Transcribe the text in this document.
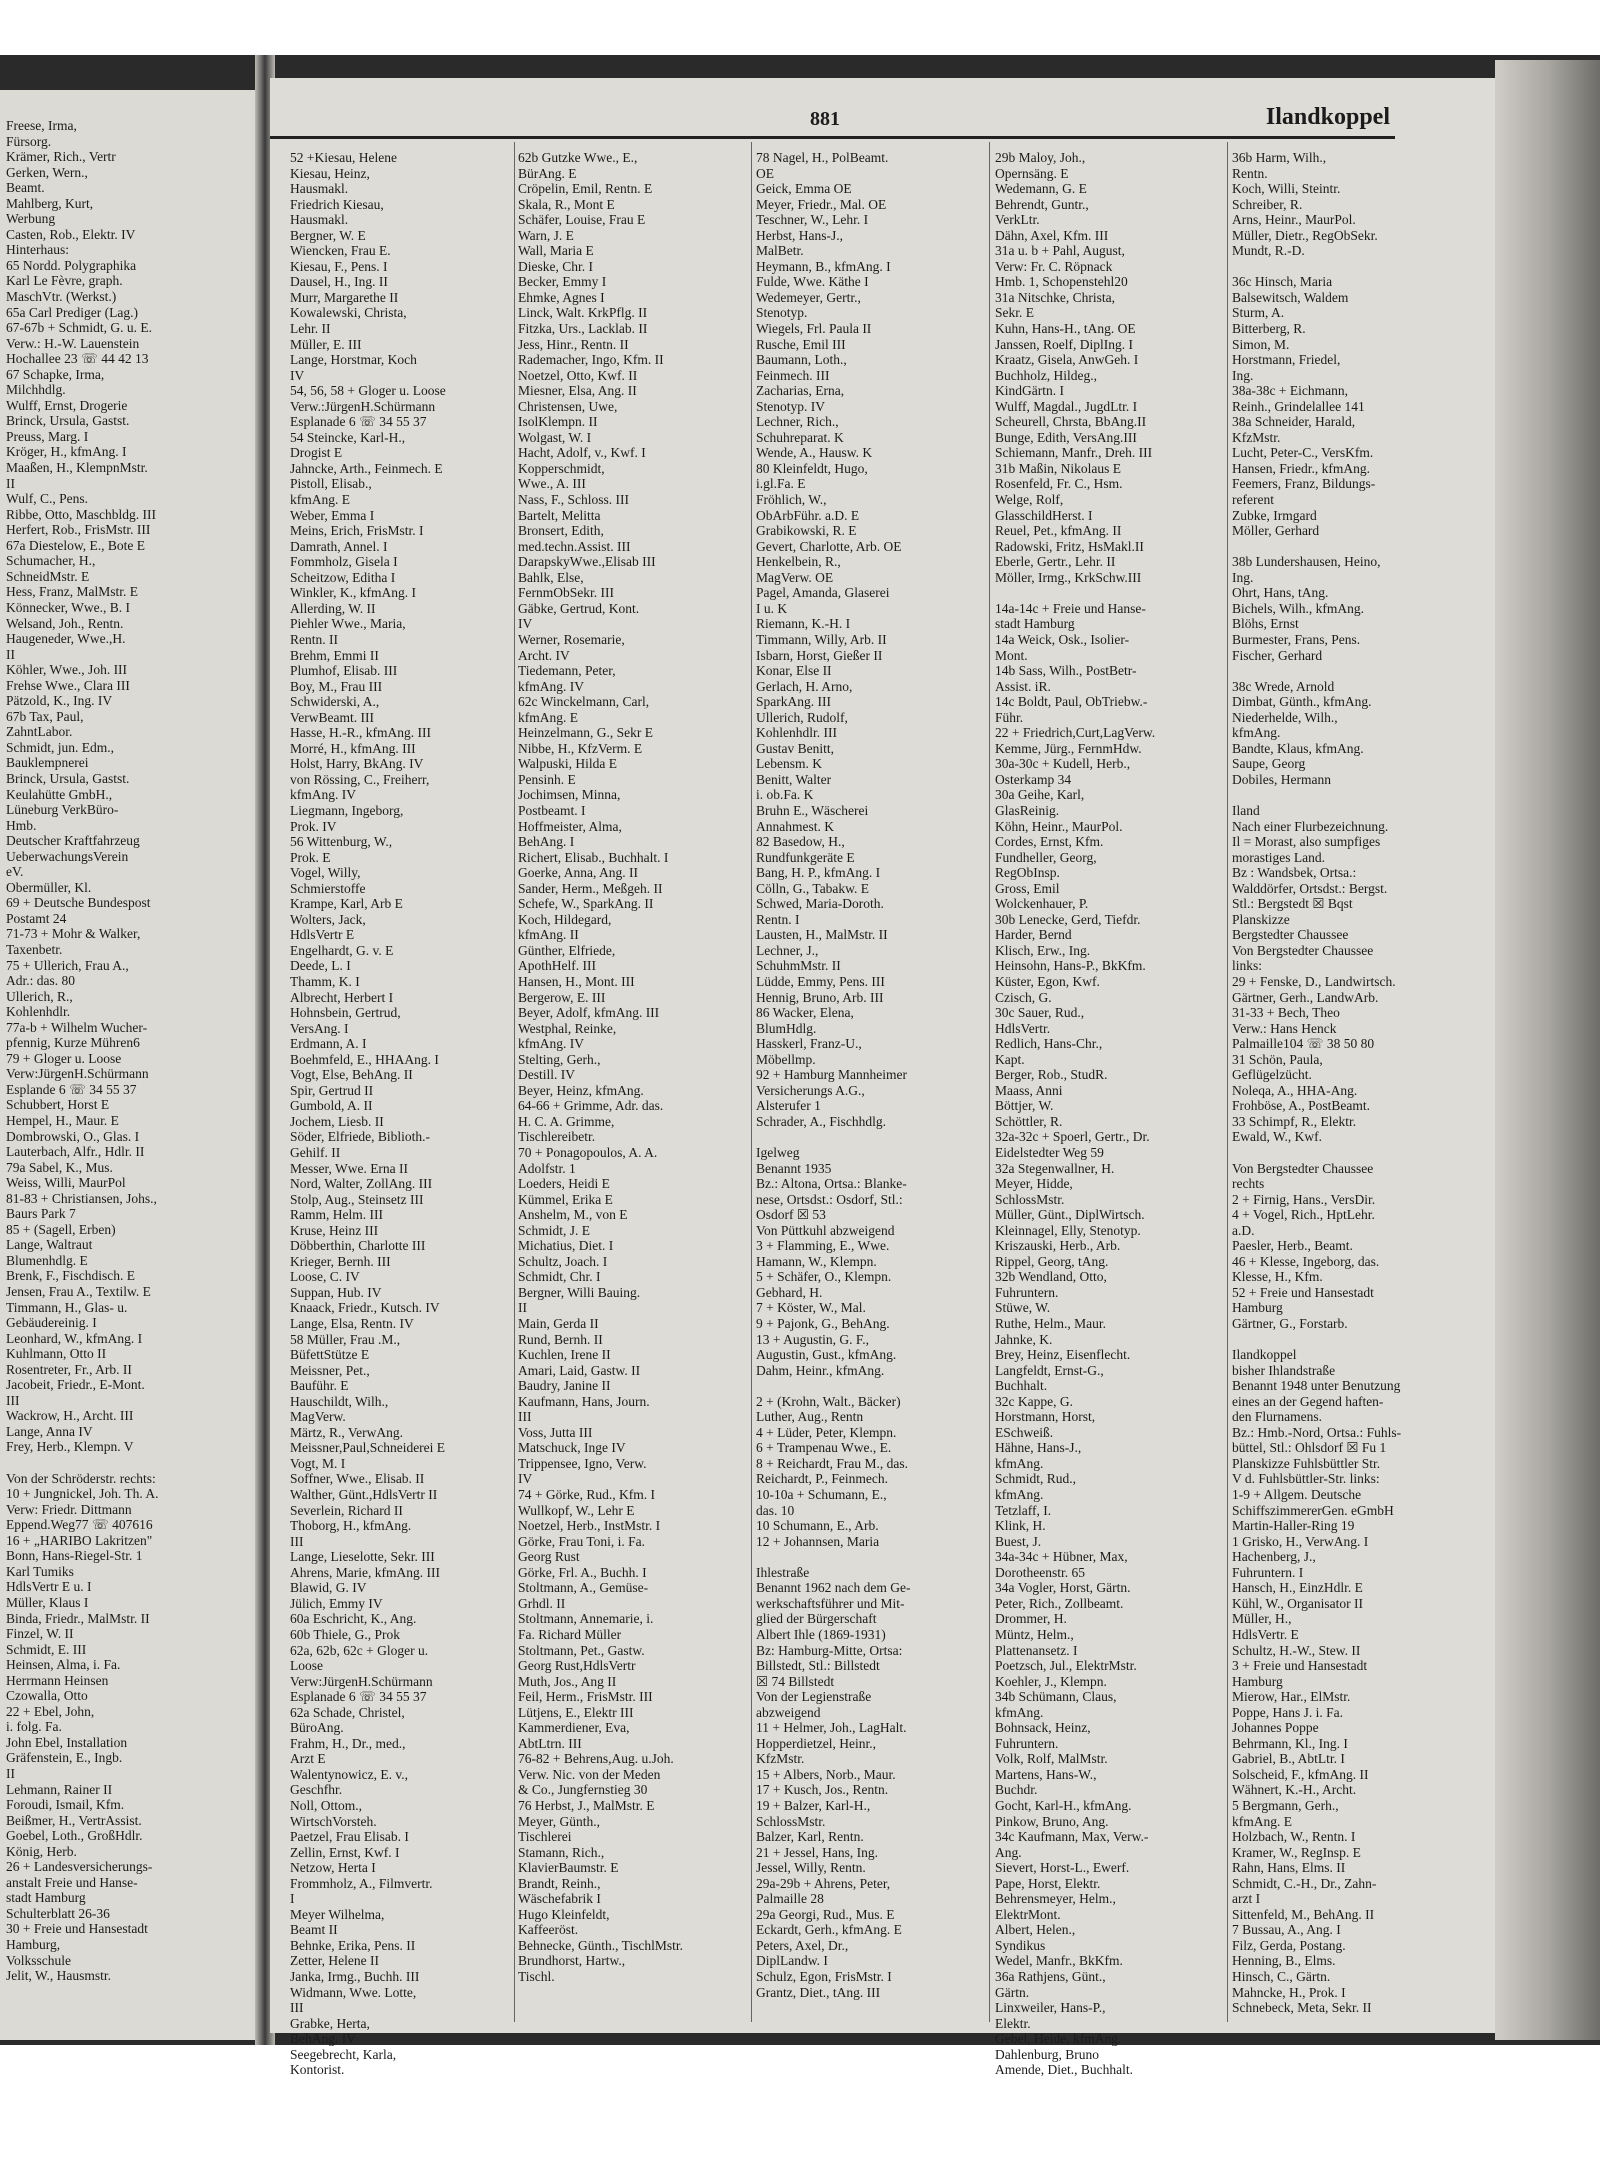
Freese, Irma,
Fürsorg.
Krämer, Rich., Vertr
Gerken, Wern.,
Beamt.
Mahlberg, Kurt,
Werbung
Casten, Rob., Elektr. IV
Hinterhaus:
65 Nordd. Polygraphika
Karl Le Fèvre, graph.
MaschVtr. (Werkst.)
65a Carl Prediger (Lag.)
67-67b + Schmidt, G. u. E.
Verw.: H.-W. Lauenstein
Hochallee 23 ☏ 44 42 13
67 Schapke, Irma,
Milchhdlg.
Wulff, Ernst, Drogerie
Brinck, Ursula, Gastst.
Preuss, Marg. I
Kröger, H., kfmAng. I
Maaßen, H., KlempnMstr.
II
Wulf, C., Pens.
Ribbe, Otto, Maschbldg. III
Herfert, Rob., FrisMstr. III
67a Diestelow, E., Bote E
Schumacher, H.,
SchneidMstr. E
Hess, Franz, MalMstr. E
Könnecker, Wwe., B. I
Welsand, Joh., Rentn.
Haugeneder, Wwe.,H.
II
Köhler, Wwe., Joh. III
Frehse Wwe., Clara III
Pätzold, K., Ing. IV
67b Tax, Paul,
ZahntLabor.
Schmidt, jun. Edm.,
Bauklempnerei
Brinck, Ursula, Gastst.
Keulahütte GmbH.,
Lüneburg VerkBüro-
Hmb.
Deutscher Kraftfahrzeug
UeberwachungsVerein
eV.
Obermüller, Kl.
69 + Deutsche Bundespost
Postamt 24
71-73 + Mohr & Walker,
Taxenbetr.
75 + Ullerich, Frau A.,
Adr.: das. 80
Ullerich, R.,
Kohlenhdlr.
77a-b + Wilhelm Wucher-
pfennig, Kurze Mühren6
79 + Gloger u. Loose
Verw:JürgenH.Schürmann
Esplande 6 ☏ 34 55 37
Schubbert, Horst E
Hempel, H., Maur. E
Dombrowski, O., Glas. I
Lauterbach, Alfr., Hdlr. II
79a Sabel, K., Mus.
Weiss, Willi, MaurPol
81-83 + Christiansen, Johs.,
Baurs Park 7
85 + (Sagell, Erben)
Lange, Waltraut
Blumenhdlg. E
Brenk, F., Fischdisch. E
Jensen, Frau A., Textilw. E
Timmann, H., Glas- u.
Gebäudereinig. I
Leonhard, W., kfmAng. I
Kuhlmann, Otto II
Rosentreter, Fr., Arb. II
Jacobeit, Friedr., E-Mont.
III
Wackrow, H., Archt. III
Lange, Anna IV
Frey, Herb., Klempn. V
Von der Schröderstr. rechts:
10 + Jungnickel, Joh. Th. A.
Verw: Friedr. Dittmann
Eppend.Weg77 ☏ 407616
16 + „HARIBO Lakritzen"
Bonn, Hans-Riegel-Str. 1
Karl Tumiks
HdlsVertr E u. I
Müller, Klaus I
Binda, Friedr., MalMstr. II
Finzel, W. II
Schmidt, E. III
Heinsen, Alma, i. Fa.
Herrmann Heinsen
Czowalla, Otto
22 + Ebel, John,
i. folg. Fa.
John Ebel, Installation
Gräfenstein, E., Ingb.
II
Lehmann, Rainer II
Foroudi, Ismail, Kfm.
Beißmer, H., VertrAssist.
Goebel, Loth., GroßHdlr.
König, Herb.
26 + Landesversicherungs-
anstalt Freie und Hanse-
stadt Hamburg
Schulterblatt 26-36
30 + Freie und Hansestadt
Hamburg,
Volksschule
Jelit, W., Hausmstr.
881	Ilandkoppel
52 +Kiesau, Helene
Kiesau, Heinz,
Hausmakl.
Friedrich Kiesau,
Hausmakl.
Bergner, W. E
Wiencken, Frau E.
Kiesau, F., Pens. I
Dausel, H., Ing. II
Murr, Margarethe II
Kowalewski, Christa,
Lehr. II
Müller, E. III
Lange, Horstmar, Koch
IV
54, 56, 58 + Gloger u. Loose
Verw.:JürgenH.Schürmann
Esplanade 6 ☏ 34 55 37
54 Steincke, Karl-H.,
Drogist E
Jahncke, Arth., Feinmech. E
Pistoll, Elisab.,
kfmAng. E
Weber, Emma I
Meins, Erich, FrisMstr. I
Damrath, Annel. I
Fommholz, Gisela I
Scheitzow, Editha I
Winkler, K., kfmAng. I
Allerding, W. II
Piehler Wwe., Maria,
Rentn. II
Brehm, Emmi II
Plumhof, Elisab. III
Boy, M., Frau III
Schwiderski, A.,
VerwBeamt. III
Hasse, H.-R., kfmAng. III
Morré, H., kfmAng. III
Holst, Harry, BkAng. IV
von Rössing, C., Freiherr,
kfmAng. IV
Liegmann, Ingeborg,
Prok. IV
56 Wittenburg, W.,
Prok. E
Vogel, Willy,
Schmierstoffe
Krampe, Karl, Arb E
Wolters, Jack,
HdlsVertr E
Engelhardt, G. v. E
Deede, L. I
Thamm, K. I
Albrecht, Herbert I
Hohnsbein, Gertrud,
VersAng. I
Erdmann, A. I
Boehmfeld, E., HHAAng. I
Vogt, Else, BehAng. II
Spir, Gertrud II
Gumbold, A. II
Jochem, Liesb. II
Söder, Elfriede, Biblioth.-
Gehilf. II
Messer, Wwe. Erna II
Nord, Walter, ZollAng. III
Stolp, Aug., Steinsetz III
Ramm, Helm. III
Kruse, Heinz III
Döbberthin, Charlotte III
Krieger, Bernh. III
Loose, C. IV
Suppan, Hub. IV
Knaack, Friedr., Kutsch. IV
Lange, Elsa, Rentn. IV
58 Müller, Frau .M.,
BüfettStütze E
Meissner, Pet.,
Bauführ. E
Hauschildt, Wilh.,
MagVerw.
Märtz, R., VerwAng.
Meissner,Paul,Schneiderei E
Vogt, M. I
Soffner, Wwe., Elisab. II
Walther, Günt.,HdlsVertr II
Severlein, Richard II
Thoborg, H., kfmAng.
III
Lange, Lieselotte, Sekr. III
Ahrens, Marie, kfmAng. III
Blawid, G. IV
Jülich, Emmy IV
60a Eschricht, K., Ang.
60b Thiele, G., Prok
62a, 62b, 62c + Gloger u.
Loose
Verw:JürgenH.Schürmann
Esplanade 6 ☏ 34 55 37
62a Schade, Christel,
BüroAng.
Frahm, H., Dr., med.,
Arzt E
Walentynowicz, E. v.,
Geschfhr.
Noll, Ottom.,
WirtschVorsteh.
Paetzel, Frau Elisab. I
Zellin, Ernst, Kwf. I
Netzow, Herta I
Frommholz, A., Filmvertr.
I
Meyer Wilhelma,
Beamt II
Behnke, Erika, Pens. II
Zetter, Helene II
Janka, Irmg., Buchh. III
Widmann, Wwe. Lotte,
III
Grabke, Herta,
BehAng. IV
Seegebrecht, Karla,
Kontorist.
62b Gutzke Wwe., E.,
BürAng. E
Cröpelin, Emil, Rentn. E
Skala, R., Mont E
Schäfer, Louise, Frau E
Warn, J. E
Wall, Maria E
Dieske, Chr. I
Becker, Emmy I
Ehmke, Agnes I
Linck, Walt. KrkPflg. II
Fitzka, Urs., Lacklab. II
Jess, Hinr., Rentn. II
Rademacher, Ingo, Kfm. II
Noetzel, Otto, Kwf. II
Miesner, Elsa, Ang. II
Christensen, Uwe,
IsolKlempn. II
Wolgast, W. I
Hacht, Adolf, v., Kwf. I
Kopperschmidt,
Wwe., A. III
Nass, F., Schloss. III
Bartelt, Melitta
Bronsert, Edith,
med.techn.Assist. III
DarapskyWwe.,Elisab III
Bahlk, Else,
FernmObSekr. III
Gäbke, Gertrud, Kont.
IV
Werner, Rosemarie,
Archt. IV
Tiedemann, Peter,
kfmAng. IV
62c Winckelmann, Carl,
kfmAng. E
Heinzelmann, G., Sekr E
Nibbe, H., KfzVerm. E
Walpuski, Hilda E
Pensinh. E
Jochimsen, Minna,
Postbeamt. I
Hoffmeister, Alma,
BehAng. I
Richert, Elisab., Buchhalt. I
Goerke, Anna, Ang. II
Sander, Herm., Meßgeh. II
Schefe, W., SparkAng. II
Koch, Hildegard,
kfmAng. II
Günther, Elfriede,
ApothHelf. III
Hansen, H., Mont. III
Bergerow, E. III
Beyer, Adolf, kfmAng. III
Westphal, Reinke,
kfmAng. IV
Stelting, Gerh.,
Destill. IV
Beyer, Heinz, kfmAng.
64-66 + Grimme, Adr. das.
H. C. A. Grimme,
Tischlereibetr.
70 + Ponagopoulos, A. A.
Adolfstr. 1
Loeders, Heidi E
Kümmel, Erika E
Anshelm, M., von E
Schmidt, J. E
Michatius, Diet. I
Schultz, Joach. I
Schmidt, Chr. I
Bergner, Willi Bauing.
II
Main, Gerda II
Rund, Bernh. II
Kuchlen, Irene II
Amari, Laid, Gastw. II
Baudry, Janine II
Kaufmann, Hans, Journ.
III
Voss, Jutta III
Matschuck, Inge IV
Trippensee, Igno, Verw.
IV
74 + Görke, Rud., Kfm. I
Wullkopf, W., Lehr E
Noetzel, Herb., InstMstr. I
Görke, Frau Toni, i. Fa.
Georg Rust
Görke, Frl. A., Buchh. I
Stoltmann, A., Gemüse-
Grhdl. II
Stoltmann, Annemarie, i.
Fa. Richard Müller
Stoltmann, Pet., Gastw.
Georg Rust,HdlsVertr
Muth, Jos., Ang II
Feil, Herm., FrisMstr. III
Lütjens, E., Elektr III
Kammerdiener, Eva,
AbtLtrn. III
76-82 + Behrens,Aug. u.Joh.
Verw. Nic. von der Meden
& Co., Jungfernstieg 30
76 Herbst, J., MalMstr. E
Meyer, Günth.,
Tischlerei
Stamann, Rich.,
KlavierBaumstr. E
Brandt, Reinh.,
Wäschefabrik I
Hugo Kleinfeldt,
Kaffeeröst.
Behnecke, Günth., TischlMstr.
Brundhorst, Hartw.,
Tischl.
78 Nagel, H., PolBeamt.
OE
Geick, Emma OE
Meyer, Friedr., Mal. OE
Teschner, W., Lehr. I
Herbst, Hans-J.,
MalBetr.
Heymann, B., kfmAng. I
Fulde, Wwe. Käthe I
Wedemeyer, Gertr.,
Stenotyp.
Wiegels, Frl. Paula II
Rusche, Emil III
Baumann, Loth.,
Feinmech. III
Zacharias, Erna,
Stenotyp. IV
Lechner, Rich.,
Schuhreparat. K
Wende, A., Hausw. K
80 Kleinfeldt, Hugo,
i.gl.Fa. E
Fröhlich, W.,
ObArbFühr. a.D. E
Grabikowski, R. E
Gevert, Charlotte, Arb. OE
Henkelbein, R.,
MagVerw. OE
Pagel, Amanda, Glaserei
I u. K
Riemann, K.-H. I
Timmann, Willy, Arb. II
Isbarn, Horst, Gießer II
Konar, Else II
Gerlach, H. Arno,
SparkAng. III
Ullerich, Rudolf,
Kohlenhdlr. III
Gustav Benitt,
Lebensm. K
Benitt, Walter
i. ob.Fa. K
Bruhn E., Wäscherei
Annahmest. K
82 Basedow, H.,
Rundfunkgeräte E
Bang, H. P., kfmAng. I
Cölln, G., Tabakw. E
Schwed, Maria-Doroth.
Rentn. I
Lausten, H., MalMstr. II
Lechner, J.,
SchuhmMstr. II
Lüdde, Emmy, Pens. III
Hennig, Bruno, Arb. III
86 Wacker, Elena,
BlumHdlg.
Hasskerl, Franz-U.,
Möbellmp.
92 + Hamburg Mannheimer
Versicherungs A.G.,
Alsterufer 1
Schrader, A., Fischhdlg.
Igelweg
Benannt 1935
Bz.: Altona, Ortsa.: Blanke-
nese, Ortsdst.: Osdorf, Stl.:
Osdorf ☒ 53
Von Püttkuhl abzweigend
3 + Flamming, E., Wwe.
Hamann, W., Klempn.
5 + Schäfer, O., Klempn.
Gebhard, H.
7 + Köster, W., Mal.
9 + Pajonk, G., BehAng.
13 + Augustin, G. F.,
Augustin, Gust., kfmAng.
Dahm, Heinr., kfmAng.
2 + (Krohn, Walt., Bäcker)
Luther, Aug., Rentn
4 + Lüder, Peter, Klempn.
6 + Trampenau Wwe., E.
8 + Reichardt, Frau M., das.
Reichardt, P., Feinmech.
10-10a + Schumann, E.,
das. 10
10 Schumann, E., Arb.
12 + Johannsen, Maria
Ihlestraße
Benannt 1962 nach dem Ge-
werkschaftsführer und Mit-
glied der Bürgerschaft
Albert Ihle (1869-1931)
Bz: Hamburg-Mitte, Ortsa:
Billstedt, Stl.: Billstedt
☒ 74 Billstedt
Von der Legienstraße
abzweigend
11 + Helmer, Joh., LagHalt.
Hopperdietzel, Heinr.,
KfzMstr.
15 + Albers, Norb., Maur.
17 + Kusch, Jos., Rentn.
19 + Balzer, Karl-H.,
SchlossMstr.
Balzer, Karl, Rentn.
21 + Jessel, Hans, Ing.
Jessel, Willy, Rentn.
29a-29b + Ahrens, Peter,
Palmaille 28
29a Georgi, Rud., Mus. E
Eckardt, Gerh., kfmAng. E
Peters, Axel, Dr.,
DiplLandw. I
Schulz, Egon, FrisMstr. I
Grantz, Diet., tAng. III
29b Maloy, Joh.,
Opernsäng. E
Wedemann, G. E
Behrendt, Guntr.,
VerkLtr.
Dähn, Axel, Kfm. III
31a u. b + Pahl, August,
Verw: Fr. C. Röpnack
Hmb. 1, Schopenstehl20
31a Nitschke, Christa,
Sekr. E
Kuhn, Hans-H., tAng. OE
Janssen, Roelf, DiplIng. I
Kraatz, Gisela, AnwGeh. I
Buchholz, Hildeg.,
KindGärtn. I
Wulff, Magdal., JugdLtr. I
Scheurell, Chrsta, BbAng.II
Bunge, Edith, VersAng.III
Schiemann, Manfr., Dreh. III
31b Maßin, Nikolaus E
Rosenfeld, Fr. C., Hsm.
Welge, Rolf,
GlasschildHerst. I
Reuel, Pet., kfmAng. II
Radowski, Fritz, HsMakl.II
Eberle, Gertr., Lehr. II
Möller, Irmg., KrkSchw.III
14a-14c + Freie und Hanse-
stadt Hamburg
14a Weick, Osk., Isolier-
Mont.
14b Sass, Wilh., PostBetr-
Assist. iR.
14c Boldt, Paul, ObTriebw.-
Führ.
22 + Friedrich,Curt,LagVerw.
Kemme, Jürg., FernmHdw.
30a-30c + Kudell, Herb.,
Osterkamp 34
30a Geihe, Karl,
GlasReinig.
Köhn, Heinr., MaurPol.
Cordes, Ernst, Kfm.
Fundheller, Georg,
RegObInsp.
Gross, Emil
Wolckenhauer, P.
30b Lenecke, Gerd, Tiefdr.
Harder, Bernd
Klisch, Erw., Ing.
Heinsohn, Hans-P., BkKfm.
Küster, Egon, Kwf.
Czisch, G.
30c Sauer, Rud.,
HdlsVertr.
Redlich, Hans-Chr.,
Kapt.
Berger, Rob., StudR.
Maass, Anni
Böttjer, W.
Schöttler, R.
32a-32c + Spoerl, Gertr., Dr.
Eidelstedter Weg 59
32a Stegenwallner, H.
Meyer, Hidde,
SchlossMstr.
Müller, Günt., DiplWirtsch.
Kleinnagel, Elly, Stenotyp.
Kriszauski, Herb., Arb.
Rippel, Georg, tAng.
32b Wendland, Otto,
Fuhruntern.
Stüwe, W.
Ruthe, Helm., Maur.
Jahnke, K.
Brey, Heinz, Eisenflecht.
Langfeldt, Ernst-G.,
Buchhalt.
32c Kappe, G.
Horstmann, Horst,
ESchweiß.
Hähne, Hans-J.,
kfmAng.
Schmidt, Rud.,
kfmAng.
Tetzlaff, I.
Klink, H.
Buest, J.
34a-34c + Hübner, Max,
Dorotheenstr. 65
34a Vogler, Horst, Gärtn.
Peter, Rich., Zollbeamt.
Drommer, H.
Müntz, Helm.,
Plattenansetz. I
Poetzsch, Jul., ElektrMstr.
Koehler, J., Klempn.
34b Schümann, Claus,
kfmAng.
Bohnsack, Heinz,
Fuhruntern.
Volk, Rolf, MalMstr.
Martens, Hans-W.,
Buchdr.
Gocht, Karl-H., kfmAng.
Pinkow, Bruno, Ang.
34c Kaufmann, Max, Verw.-
Ang.
Sievert, Horst-L., Ewerf.
Pape, Horst, Elektr.
Behrensmeyer, Helm.,
ElektrMont.
Albert, Helen.,
Syndikus
Wedel, Manfr., BkKfm.
36a Rathjens, Günt.,
Gärtn.
Linxweiler, Hans-P.,
Elektr.
Gebel, Heide, kfmAng.
Dahlenburg, Bruno
Amende, Diet., Buchhalt.
36b Harm, Wilh.,
Rentn.
Koch, Willi, Steintr.
Schreiber, R.
Arns, Heinr., MaurPol.
Müller, Dietr., RegObSekr.
Mundt, R.-D.
36c Hinsch, Maria
Balsewitsch, Waldem
Sturm, A.
Bitterberg, R.
Simon, M.
Horstmann, Friedel,
Ing.
38a-38c + Eichmann,
Reinh., Grindelallee 141
38a Schneider, Harald,
KfzMstr.
Lucht, Peter-C., VersKfm.
Hansen, Friedr., kfmAng.
Feemers, Franz, Bildungs-
referent
Zubke, Irmgard
Möller, Gerhard
38b Lundershausen, Heino,
Ing.
Ohrt, Hans, tAng.
Bichels, Wilh., kfmAng.
Blöhs, Ernst
Burmester, Frans, Pens.
Fischer, Gerhard
38c Wrede, Arnold
Dimbat, Günth., kfmAng.
Niederhelde, Wilh.,
kfmAng.
Bandte, Klaus, kfmAng.
Saupe, Georg
Dobiles, Hermann
Iland
Nach einer Flurbezeichnung.
Il = Morast, also sumpfiges
morastiges Land.
Bz : Wandsbek, Ortsa.:
Walddörfer, Ortsdst.: Bergst.
Stl.: Bergstedt ☒ Bqst
Planskizze
Bergstedter Chaussee
Von Bergstedter Chaussee
links:
29 + Fenske, D., Landwirtsch.
Gärtner, Gerh., LandwArb.
31-33 + Bech, Theo
Verw.: Hans Henck
Palmaille104 ☏ 38 50 80
31 Schön, Paula,
Geflügelzücht.
Noleqa, A., HHA-Ang.
Frohböse, A., PostBeamt.
33 Schimpf, R., Elektr.
Ewald, W., Kwf.
Von Bergstedter Chaussee
rechts
2 + Firnig, Hans., VersDir.
4 + Vogel, Rich., HptLehr.
a.D.
Paesler, Herb., Beamt.
46 + Klesse, Ingeborg, das.
Klesse, H., Kfm.
52 + Freie und Hansestadt
Hamburg
Gärtner, G., Forstarb.
Ilandkoppel
bisher Ihlandstraße
Benannt 1948 unter Benutzung
eines an der Gegend haften-
den Flurnamens.
Bz.: Hmb.-Nord, Ortsa.: Fuhls-
büttel, Stl.: Ohlsdorf ☒ Fu 1
Planskizze Fuhlsbüttler Str.
V d. Fuhlsbüttler-Str. links:
1-9 + Allgem. Deutsche
SchiffszimmererGen. eGmbH
Martin-Haller-Ring 19
1 Grisko, H., VerwAng. I
Hachenberg, J.,
Fuhruntern. I
Hansch, H., EinzHdlr. E
Kühl, W., Organisator II
Müller, H.,
HdlsVertr. E
Schultz, H.-W., Stew. II
3 + Freie und Hansestadt
Hamburg
Mierow, Har., ElMstr.
Poppe, Hans J. i. Fa.
Johannes Poppe
Behrmann, Kl., Ing. I
Gabriel, B., AbtLtr. I
Solscheid, F., kfmAng. II
Wähnert, K.-H., Archt.
5 Bergmann, Gerh.,
kfmAng. E
Holzbach, W., Rentn. I
Kramer, W., RegInsp. E
Rahn, Hans, Elms. II
Schmidt, C.-H., Dr., Zahn-
arzt I
Sittenfeld, M., BehAng. II
7 Bussau, A., Ang. I
Filz, Gerda, Postang.
Henning, B., Elms.
Hinsch, C., Gärtn.
Mahncke, H., Prok. I
Schnebeck, Meta, Sekr. II
